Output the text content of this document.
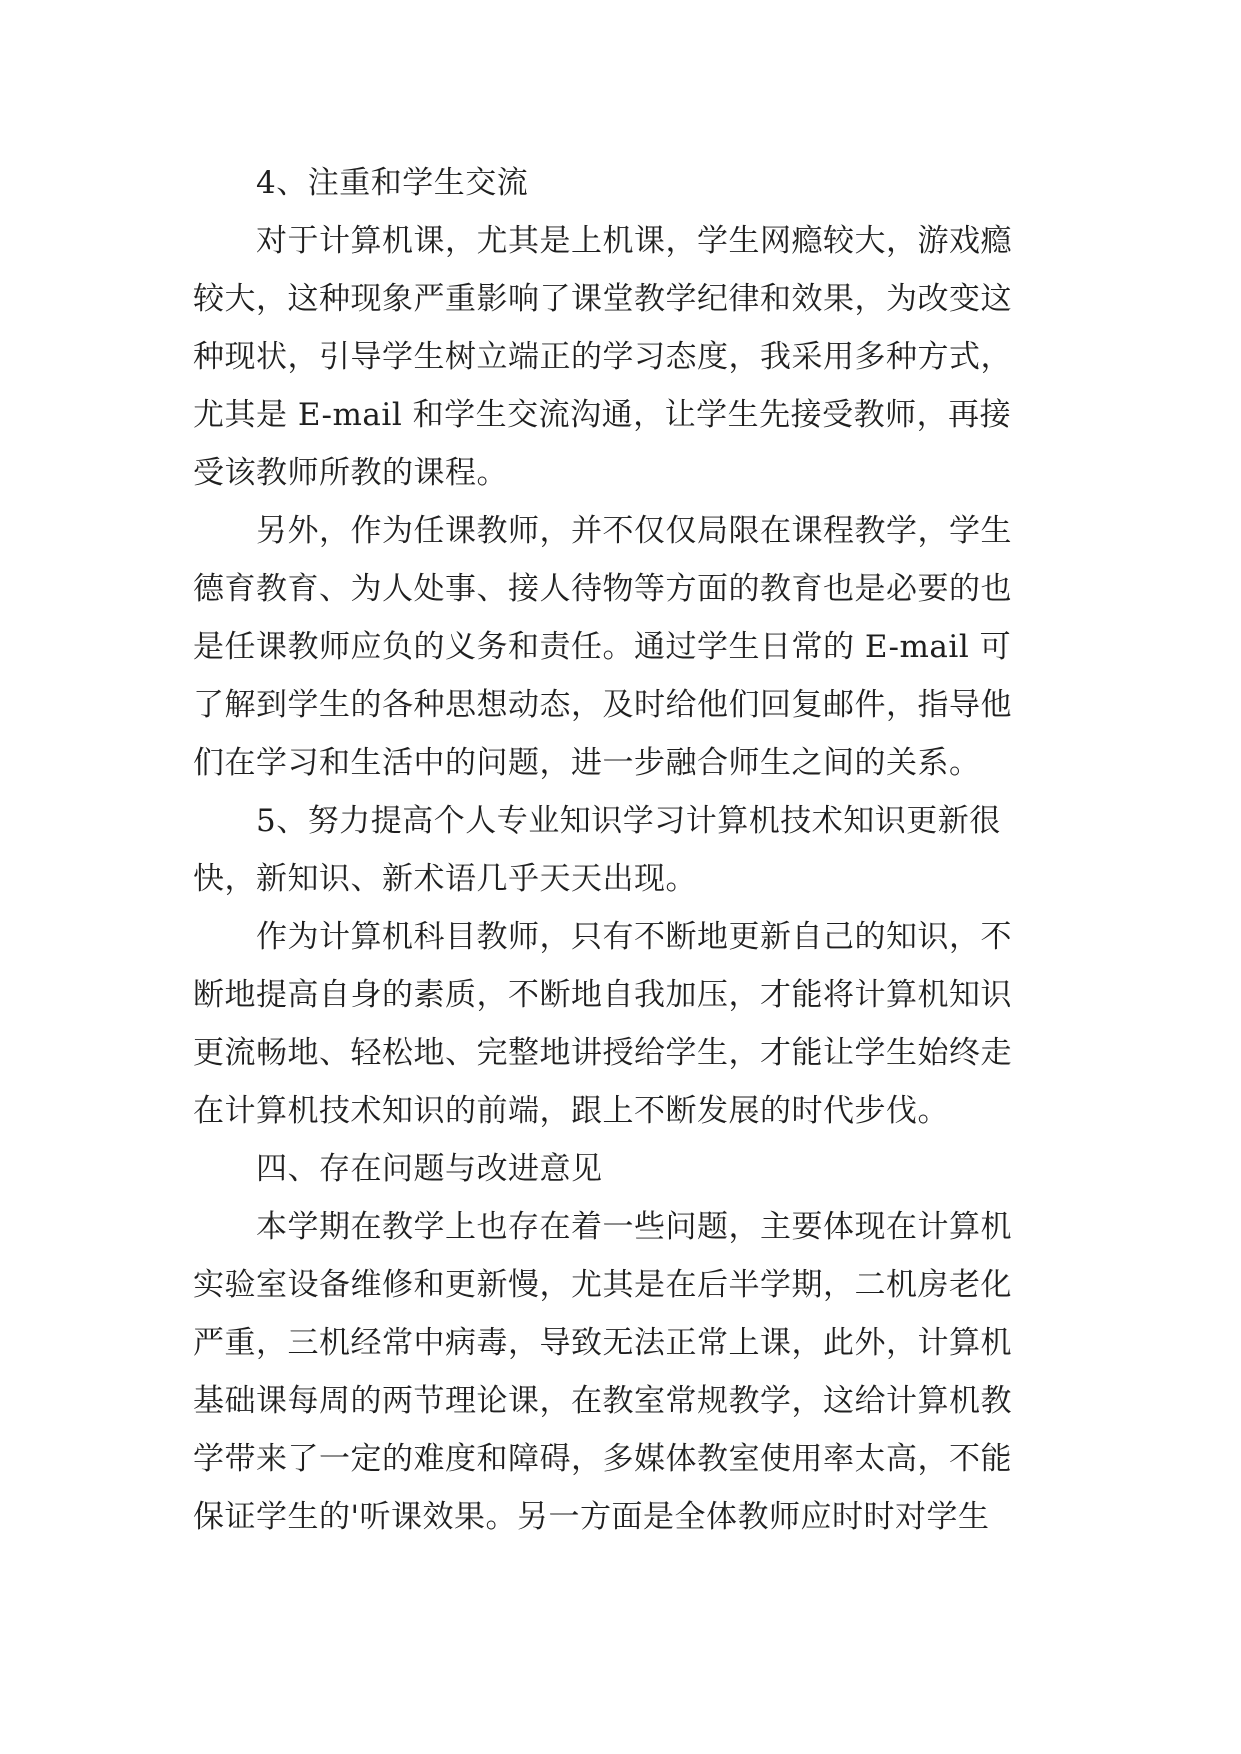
4、注重和学生交流

对于计算机课，尤其是上机课，学生网瘾较大，游戏瘾

较大，这种现象严重影响了课堂教学纪律和效果，为改变这

种现状，引导学生树立端正的学习态度，我采用多种方式，

尤其是 E-mail 和学生交流沟通，让学生先接受教师，再接

受该教师所教的课程。

另外，作为任课教师，并不仅仅局限在课程教学，学生

德育教育、为人处事、接人待物等方面的教育也是必要的也

是任课教师应负的义务和责任。通过学生日常的 E-mail 可

了解到学生的各种思想动态，及时给他们回复邮件，指导他

们在学习和生活中的问题，进一步融合师生之间的关系。

5、努力提高个人专业知识学习计算机技术知识更新很

快，新知识、新术语几乎天天出现。

作为计算机科目教师，只有不断地更新自己的知识，不

断地提高自身的素质，不断地自我加压，才能将计算机知识

更流畅地、轻松地、完整地讲授给学生，才能让学生始终走

在计算机技术知识的前端，跟上不断发展的时代步伐。

四、存在问题与改进意见

本学期在教学上也存在着一些问题，主要体现在计算机

实验室设备维修和更新慢，尤其是在后半学期，二机房老化

严重，三机经常中病毒，导致无法正常上课，此外，计算机

基础课每周的两节理论课，在教室常规教学，这给计算机教

学带来了一定的难度和障碍，多媒体教室使用率太高，不能

保证学生的'听课效果。另一方面是全体教师应时时对学生
